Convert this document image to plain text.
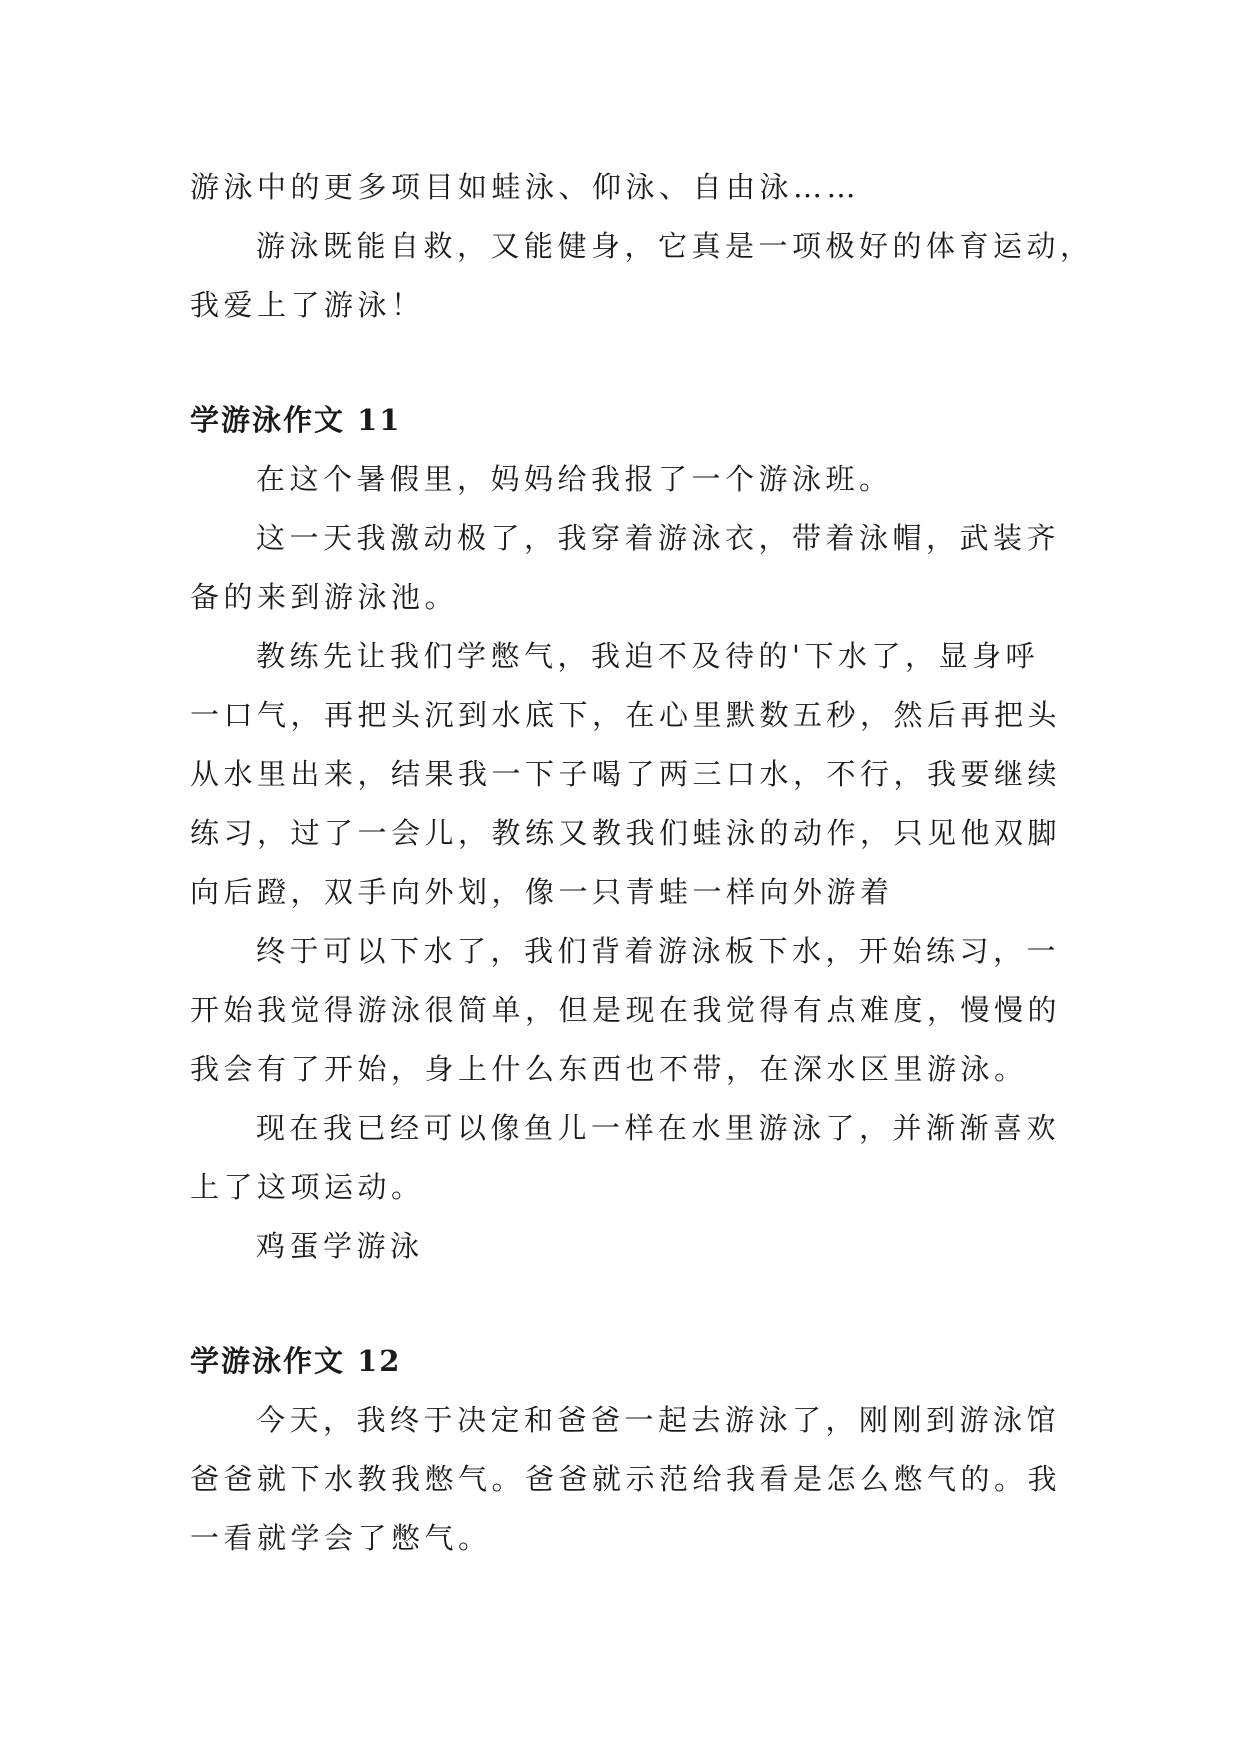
游泳中的更多项目如蛙泳、仰泳、自由泳……

游泳既能自救，又能健身，它真是一项极好的体育运动，

我爱上了游泳！

学游泳作文 11

在这个暑假里，妈妈给我报了一个游泳班。

这一天我激动极了，我穿着游泳衣，带着泳帽，武装齐

备的来到游泳池。

教练先让我们学憋气，我迫不及待的'下水了，显身呼

一口气，再把头沉到水底下，在心里默数五秒，然后再把头

从水里出来，结果我一下子喝了两三口水，不行，我要继续

练习，过了一会儿，教练又教我们蛙泳的动作，只见他双脚

向后蹬，双手向外划，像一只青蛙一样向外游着

终于可以下水了，我们背着游泳板下水，开始练习，一

开始我觉得游泳很简单，但是现在我觉得有点难度，慢慢的

我会有了开始，身上什么东西也不带，在深水区里游泳。

现在我已经可以像鱼儿一样在水里游泳了，并渐渐喜欢

上了这项运动。

鸡蛋学游泳

学游泳作文 12

今天，我终于决定和爸爸一起去游泳了，刚刚到游泳馆

爸爸就下水教我憋气。爸爸就示范给我看是怎么憋气的。我

一看就学会了憋气。
